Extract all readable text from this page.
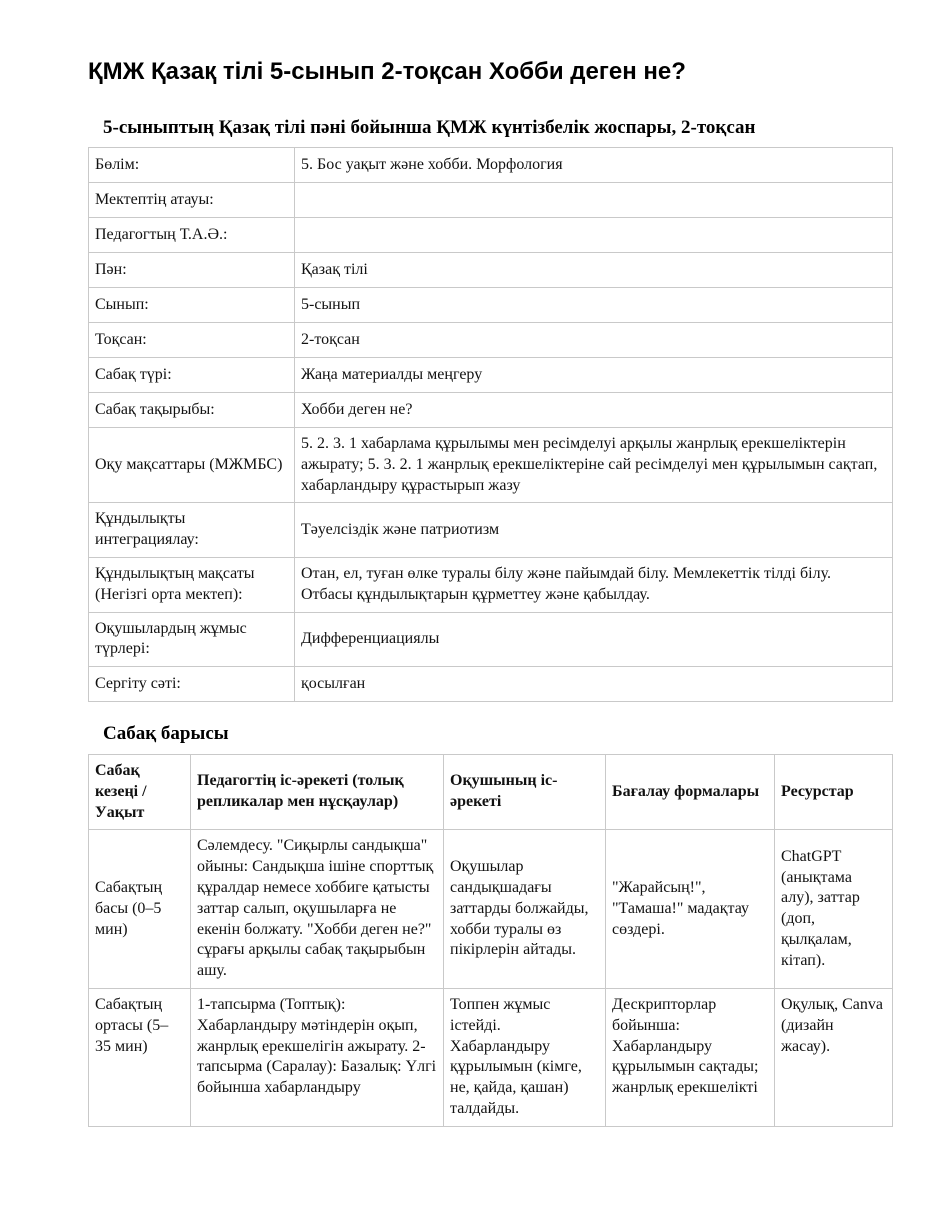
ҚМЖ Қазақ тілі 5-сынып 2-тоқсан Хобби деген не?
5-сыныптың Қазақ тілі пәні бойынша ҚМЖ күнтізбелік жоспары, 2-тоқсан
Бөлім:	5. Бос уақыт және хобби. Морфология
Мектептің атауы:	
Педагогтың Т.А.Ә.:	
Пән:	Қазақ тілі
Сынып:	5-сынып
Тоқсан:	2-тоқсан
Сабақ түрі:	Жаңа материалды меңгеру
Сабақ тақырыбы:	Хобби деген не?
Оқу мақсаттары (МЖМБС)	5. 2. 3. 1 хабарлама құрылымы мен ресімделуі арқылы жанрлық ерекшеліктерін ажырату; 5. 3. 2. 1 жанрлық ерекшеліктеріне сай ресімделуі мен құрылымын сақтап, хабарландыру құрастырып жазу
Құндылықты интеграциялау:	Тәуелсіздік және патриотизм
Құндылықтың мақсаты (Негізгі орта мектеп):	Отан, ел, туған өлке туралы білу және пайымдай білу. Мемлекеттік тілді білу. Отбасы құндылықтарын құрметтеу және қабылдау.
Оқушылардың жұмыс түрлері:	Дифференциациялы
Сергіту сәті:	қосылған
Сабақ барысы
Сабақ кезеңі / Уақыт	Педагогтің іс-әрекеті (толық репликалар мен нұсқаулар)	Оқушының іс-әрекеті	Бағалау формалары	Ресурстар
Сабақтың басы (0–5 мин)	Сәлемдесу. "Сиқырлы сандықша" ойыны: Сандықша ішіне спорттық құралдар немесе хоббиге қатысты заттар салып, оқушыларға не екенін болжату. "Хобби деген не?" сұрағы арқылы сабақ тақырыбын ашу.	Оқушылар сандықшадағы заттарды болжайды, хобби туралы өз пікірлерін айтады.	"Жарайсың!", "Тамаша!" мадақтау сөздері.	ChatGPT (анықтама алу), заттар (доп, қылқалам, кітап).
Сабақтың ортасы (5–35 мин)	1-тапсырма (Топтық): Хабарландыру мәтіндерін оқып, жанрлық ерекшелігін ажырату. 2-тапсырма (Саралау): Базалық: Үлгі бойынша хабарландыру	Топпен жұмыс істейді. Хабарландыру құрылымын (кімге, не, қайда, қашан) талдайды.	Дескрипторлар бойынша: Хабарландыру құрылымын сақтады; жанрлық ерекшелікті	Оқулық, Canva (дизайн жасау).
